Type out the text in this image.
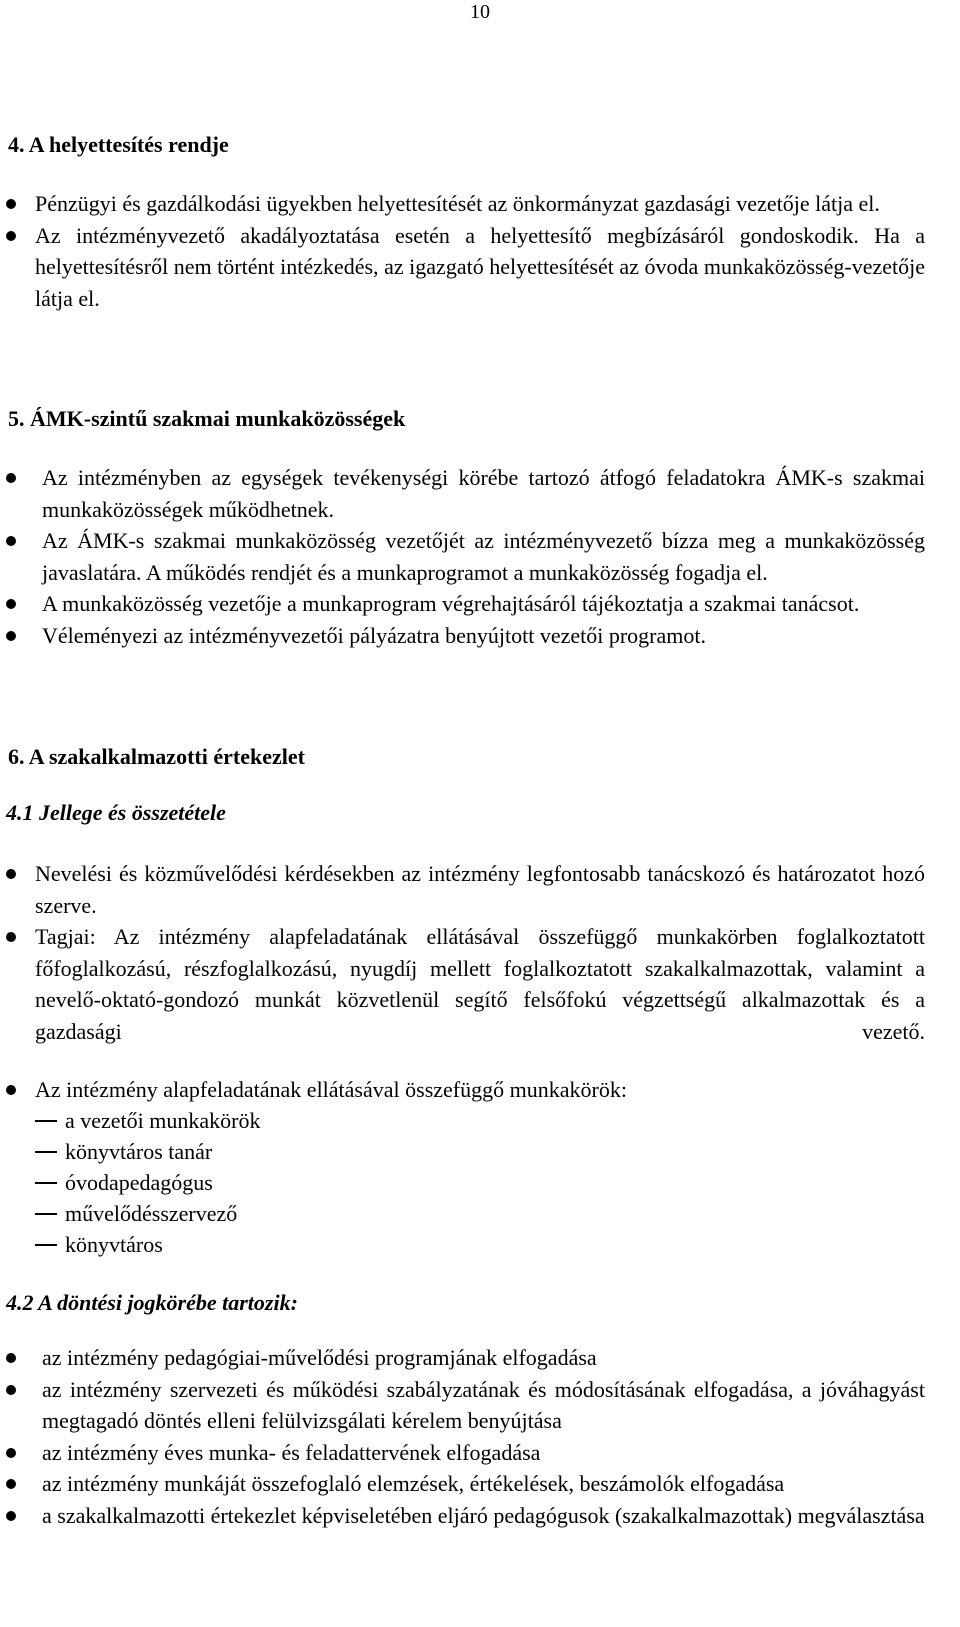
10
4. A helyettesítés rendje
Pénzügyi és gazdálkodási ügyekben helyettesítését az önkormányzat gazdasági vezetője látja el.
Az intézményvezető akadályoztatása esetén a helyettesítő megbízásáról gondoskodik. Ha a helyettesítésről nem történt intézkedés, az igazgató helyettesítését az óvoda munkaközösség-vezetője látja el.
5. ÁMK-szintű szakmai munkaközösségek
Az intézményben az egységek tevékenységi körébe tartozó átfogó feladatokra ÁMK-s szakmai munkaközösségek működhetnek.
Az ÁMK-s szakmai munkaközösség vezetőjét az intézményvezető bízza meg a munkaközösség javaslatára. A működés rendjét és a munkaprogramot a munkaközösség fogadja el.
A munkaközösség vezetője a munkaprogram végrehajtásáról tájékoztatja a szakmai tanácsot.
Véleményezi az intézményvezetői pályázatra benyújtott vezetői programot.
6. A szakalkalmazotti értekezlet
4.1 Jellege és összetétele
Nevelési és közművelődési kérdésekben az intézmény legfontosabb tanácskozó és határozatot hozó szerve.
Tagjai: Az intézmény alapfeladatának ellátásával összefüggő munkakörben foglalkoztatott főfoglalkozású, részfoglalkozású, nyugdíj mellett foglalkoztatott szakalkalmazottak, valamint a nevelő-oktató-gondozó munkát közvetlenül segítő felsőfokú végzettségű alkalmazottak és a gazdasági vezető.
Az intézmény alapfeladatának ellátásával összefüggő munkakörök:
a vezetői munkakörök
könyvtáros tanár
óvodapedagógus
művelődésszervező
könyvtáros
4.2 A döntési jogkörébe tartozik:
az intézmény pedagógiai-művelődési programjának elfogadása
az intézmény szervezeti és működési szabályzatának és módosításának elfogadása, a jóváhagyást megtagadó döntés elleni felülvizsgálati kérelem benyújtása
az intézmény éves munka- és feladattervének elfogadása
az intézmény munkáját összefoglaló elemzések, értékelések, beszámolók elfogadása
a szakalkalmazotti értekezlet képviseletében eljáró pedagógusok (szakalkalmazottak) megválasztása
